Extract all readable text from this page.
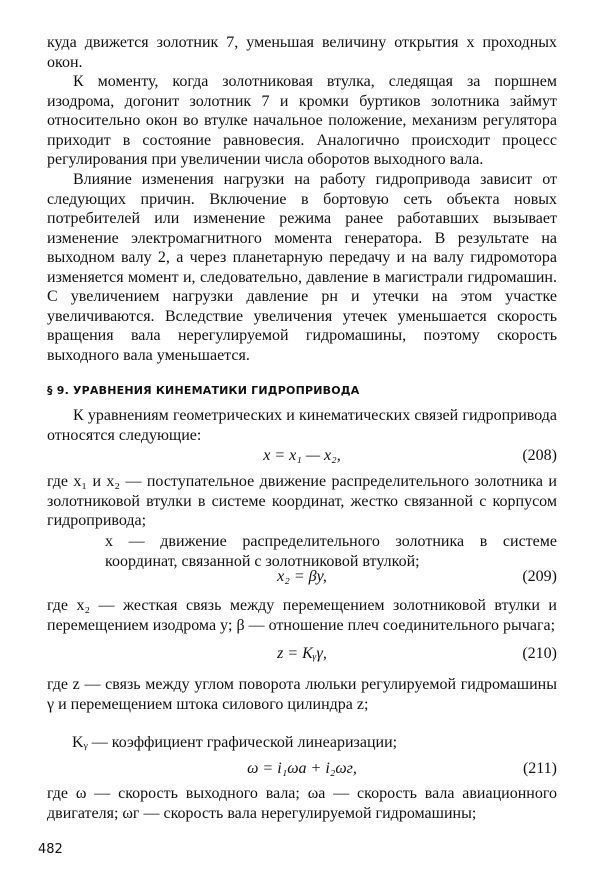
куда движется золотник 7, уменьшая величину открытия x проходных окон.

К моменту, когда золотниковая втулка, следящая за поршнем изодрома, догонит золотник 7 и кромки буртиков золотника займут относительно окон во втулке начальное положение, механизм регулятора приходит в состояние равновесия. Аналогично происходит процесс регулирования при увеличении числа оборотов выходного вала.

Влияние изменения нагрузки на работу гидропривода зависит от следующих причин. Включение в бортовую сеть объекта новых потребителей или изменение режима ранее работавших вызывает изменение электромагнитного момента генератора. В результате на выходном валу 2, а через планетарную передачу и на валу гидромотора изменяется момент и, следовательно, давление в магистрали гидромашин. С увеличением нагрузки давление pн и утечки на этом участке увеличиваются. Вследствие увеличения утечек уменьшается скорость вращения вала нерегулируемой гидромашины, поэтому скорость выходного вала уменьшается.

§ 9. УРАВНЕНИЯ КИНЕМАТИКИ ГИДРОПРИВОДА

К уравнениям геометрических и кинематических связей гидропривода относятся следующие:

x = x₁ — x₂,	(208)

где x₁ и x₂ — поступательное движение распределительного золотника и золотниковой втулки в системе координат, жестко связанной с корпусом гидропривода;

x — движение распределительного золотника в системе координат, связанной с золотниковой втулкой;

x₂ = βy,	(209)

где x₂ — жесткая связь между перемещением золотниковой втулки и перемещением изодрома y; β — отношение плеч соединительного рычага;

z = Kᵧγ,	(210)

где z — связь между углом поворота люльки регулируемой гидромашины γ и перемещением штока силового цилиндра z;

Kᵧ — коэффициент графической линеаризации;

ω = i₁ωа + i₂ωг,	(211)

где ω — скорость выходного вала; ωа — скорость вала авиационного двигателя; ωг — скорость вала нерегулируемой гидромашины;

482
